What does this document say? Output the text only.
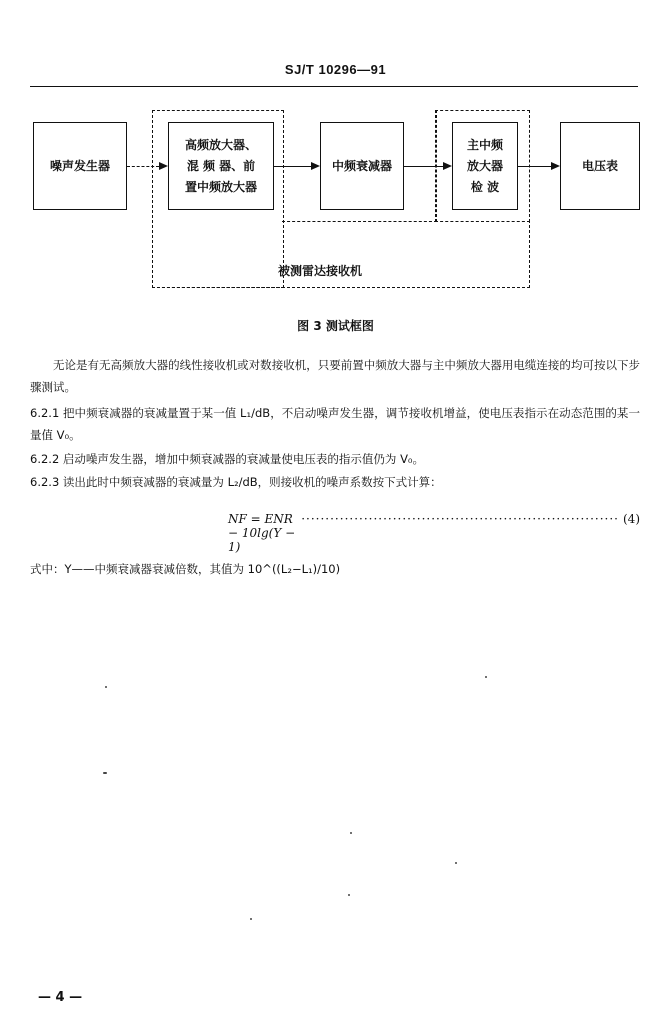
SJ/T 10296—91
噪声发生器
高频放大器、
混 频 器、前
置中频放大器
中频衰减器
主中频
放大器
检 波
电压表
被测雷达接收机
图 3 测试框图
无论是有无高频放大器的线性接收机或对数接收机，只要前置中频放大器与主中频放大器用电缆连接的均可按以下步骤测试。
6.2.1 把中频衰减器的衰减量置于某一值 L₁/dB，不启动噪声发生器，调节接收机增益，使电压表指示在动态范围的某一量值 V₀。
6.2.2 启动噪声发生器，增加中频衰减器的衰减量使电压表的指示值仍为 V₀。
6.2.3 读出此时中频衰减器的衰减量为 L₂/dB，则接收机的噪声系数按下式计算：
NF = ENR − 10lg(Y − 1)
·································································· (4)
式中：Y——中频衰减器衰减倍数，其值为 10^((L₂−L₁)/10)
— 4 —
